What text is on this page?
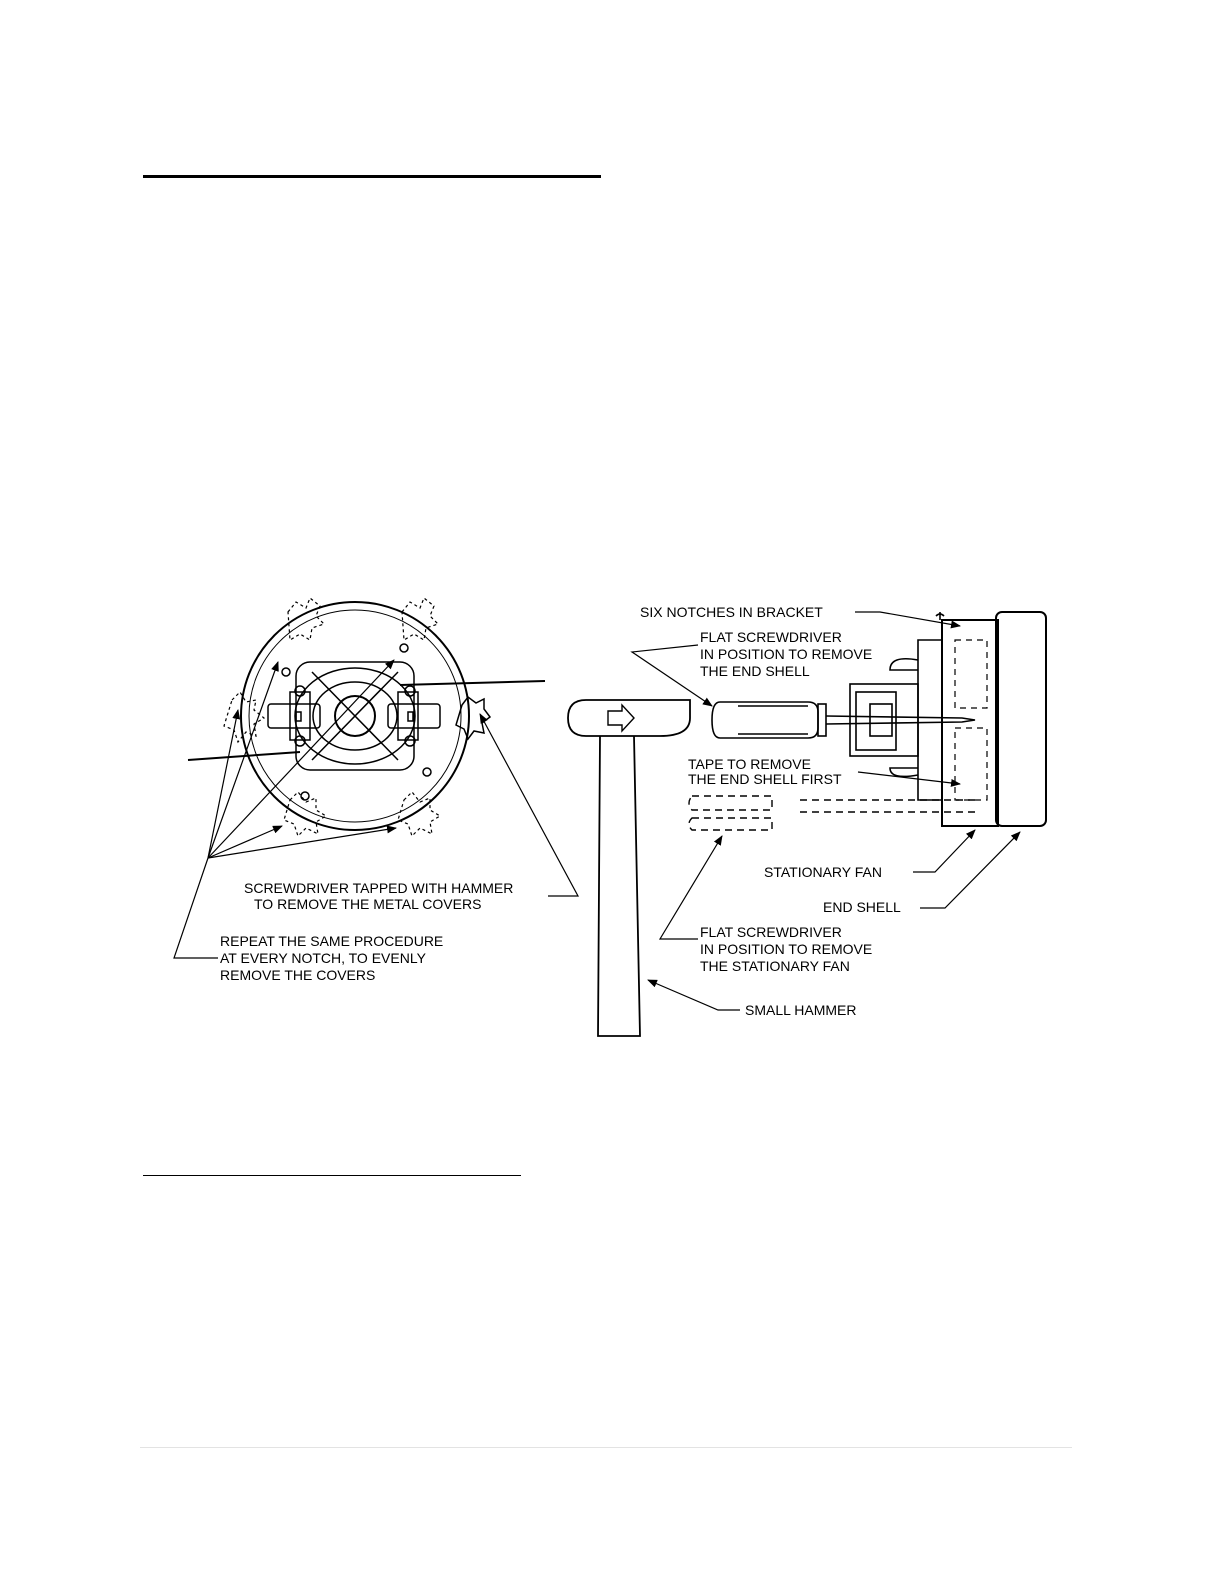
SIX NOTCHES IN BRACKET
FLAT SCREWDRIVER IN POSITION TO REMOVE THE END SHELL
TAPE TO REMOVE THE END SHELL FIRST
STATIONARY FAN
END SHELL
FLAT SCREWDRIVER IN POSITION TO REMOVE THE STATIONARY FAN
SMALL HAMMER
SCREWDRIVER TAPPED WITH HAMMER TO REMOVE THE METAL COVERS
REPEAT THE SAME PROCEDURE AT EVERY NOTCH, TO EVENLY REMOVE THE COVERS
